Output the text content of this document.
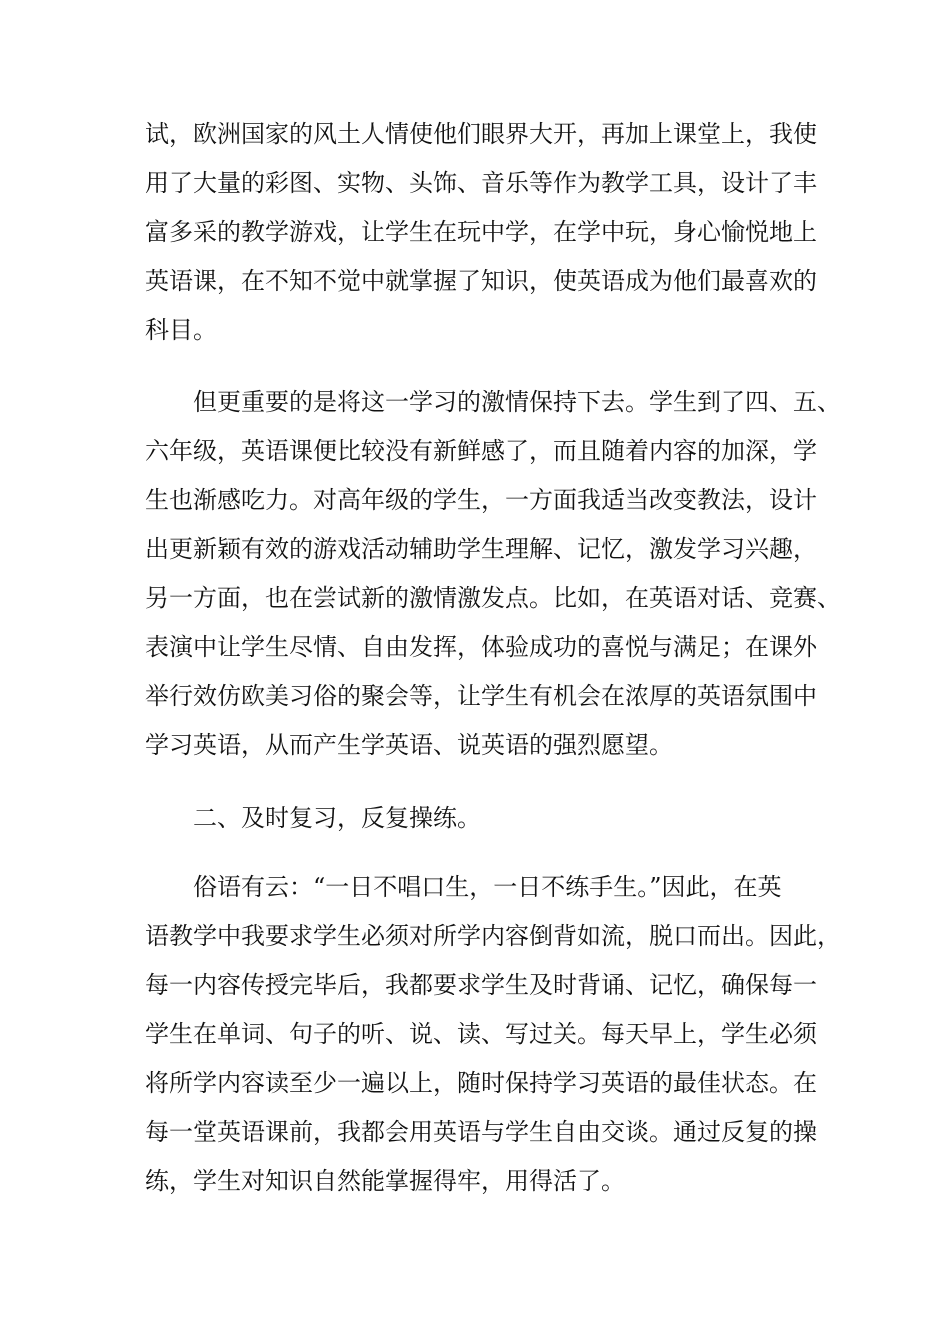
试，欧洲国家的风土人情使他们眼界大开，再加上课堂上，我使
用了大量的彩图、实物、头饰、音乐等作为教学工具，设计了丰
富多采的教学游戏，让学生在玩中学，在学中玩，身心愉悦地上
英语课，在不知不觉中就掌握了知识，使英语成为他们最喜欢的
科目。
但更重要的是将这一学习的激情保持下去。学生到了四、五、
六年级，英语课便比较没有新鲜感了，而且随着内容的加深，学
生也渐感吃力。对高年级的学生，一方面我适当改变教法，设计
出更新颖有效的游戏活动辅助学生理解、记忆，激发学习兴趣，
另一方面，也在尝试新的激情激发点。比如，在英语对话、竞赛、
表演中让学生尽情、自由发挥，体验成功的喜悦与满足；在课外
举行效仿欧美习俗的聚会等，让学生有机会在浓厚的英语氛围中
学习英语，从而产生学英语、说英语的强烈愿望。
二、及时复习，反复操练。
俗语有云：“一日不唱口生，一日不练手生。”因此，在英
语教学中我要求学生必须对所学内容倒背如流，脱口而出。因此，
每一内容传授完毕后，我都要求学生及时背诵、记忆，确保每一
学生在单词、句子的听、说、读、写过关。每天早上，学生必须
将所学内容读至少一遍以上，随时保持学习英语的最佳状态。在
每一堂英语课前，我都会用英语与学生自由交谈。通过反复的操
练，学生对知识自然能掌握得牢，用得活了。
